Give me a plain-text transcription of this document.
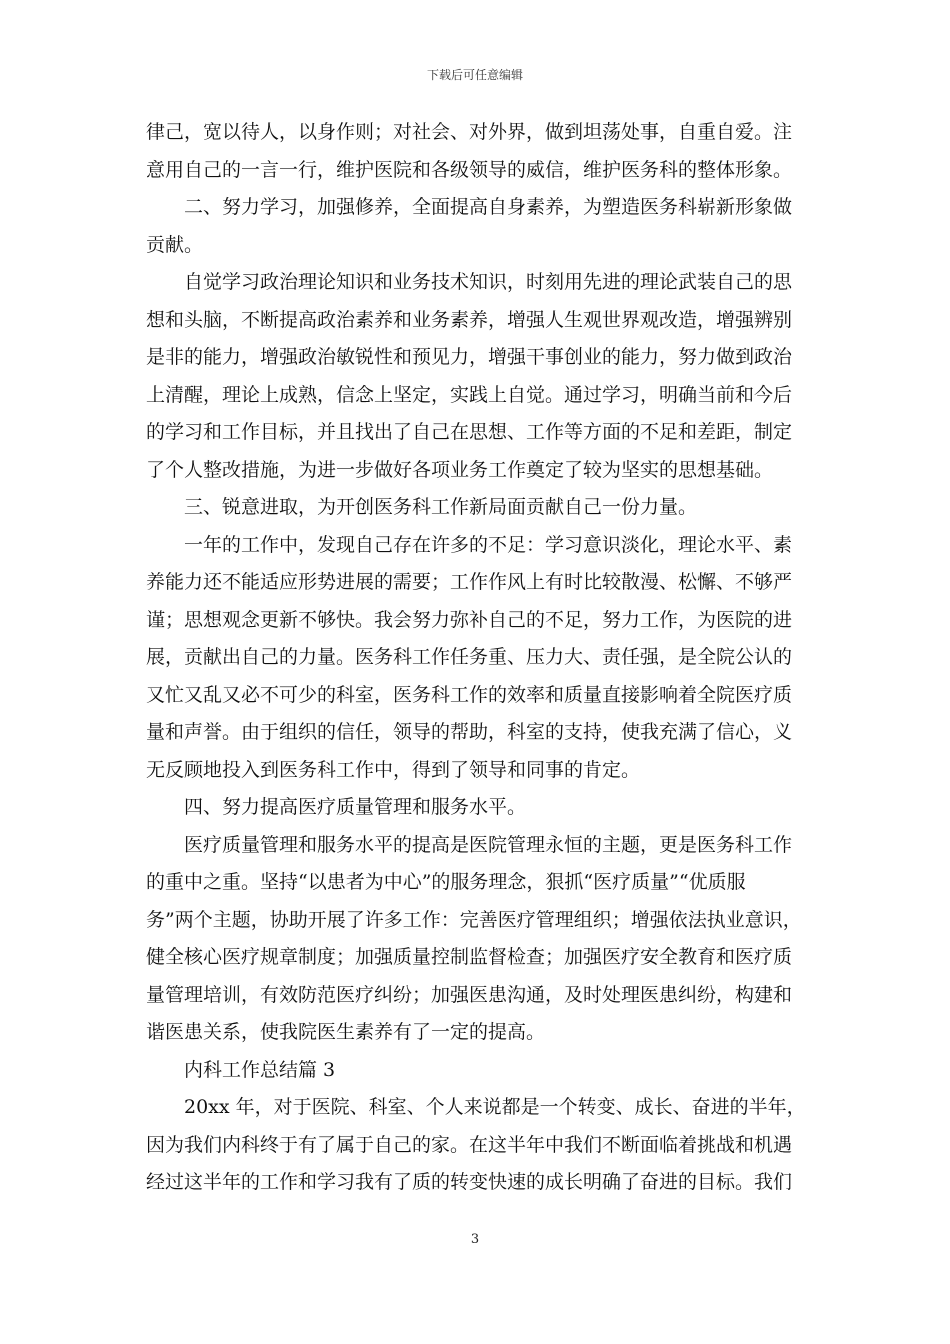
下载后可任意编辑

律己，宽以待人，以身作则；对社会、对外界，做到坦荡处事，自重自爱。注

意用自己的一言一行，维护医院和各级领导的威信，维护医务科的整体形象。

　　二、努力学习，加强修养，全面提高自身素养，为塑造医务科崭新形象做

贡献。

　　自觉学习政治理论知识和业务技术知识，时刻用先进的理论武装自己的思

想和头脑，不断提高政治素养和业务素养，增强人生观世界观改造，增强辨别

是非的能力，增强政治敏锐性和预见力，增强干事创业的能力，努力做到政治

上清醒，理论上成熟，信念上坚定，实践上自觉。通过学习，明确当前和今后

的学习和工作目标，并且找出了自己在思想、工作等方面的不足和差距，制定

了个人整改措施，为进一步做好各项业务工作奠定了较为坚实的思想基础。

　　三、锐意进取，为开创医务科工作新局面贡献自己一份力量。

　　一年的工作中，发现自己存在许多的不足：学习意识淡化，理论水平、素

养能力还不能适应形势进展的需要；工作作风上有时比较散漫、松懈、不够严

谨；思想观念更新不够快。我会努力弥补自己的不足，努力工作，为医院的进

展，贡献出自己的力量。医务科工作任务重、压力大、责任强，是全院公认的

又忙又乱又必不可少的科室，医务科工作的效率和质量直接影响着全院医疗质

量和声誉。由于组织的信任，领导的帮助，科室的支持，使我充满了信心，义

无反顾地投入到医务科工作中，得到了领导和同事的肯定。

　　四、努力提高医疗质量管理和服务水平。

　　医疗质量管理和服务水平的提高是医院管理永恒的主题，更是医务科工作

的重中之重。坚持“以患者为中心”的服务理念，狠抓“医疗质量”“优质服

务”两个主题，协助开展了许多工作：完善医疗管理组织；增强依法执业意识，

健全核心医疗规章制度；加强质量控制监督检查；加强医疗安全教育和医疗质

量管理培训，有效防范医疗纠纷；加强医患沟通，及时处理医患纠纷，构建和

谐医患关系，使我院医生素养有了一定的提高。

　　内科工作总结篇 3

　　20xx 年，对于医院、科室、个人来说都是一个转变、成长、奋进的半年，

因为我们内科终于有了属于自己的家。在这半年中我们不断面临着挑战和机遇

经过这半年的工作和学习我有了质的转变快速的成长明确了奋进的目标。我们

3
